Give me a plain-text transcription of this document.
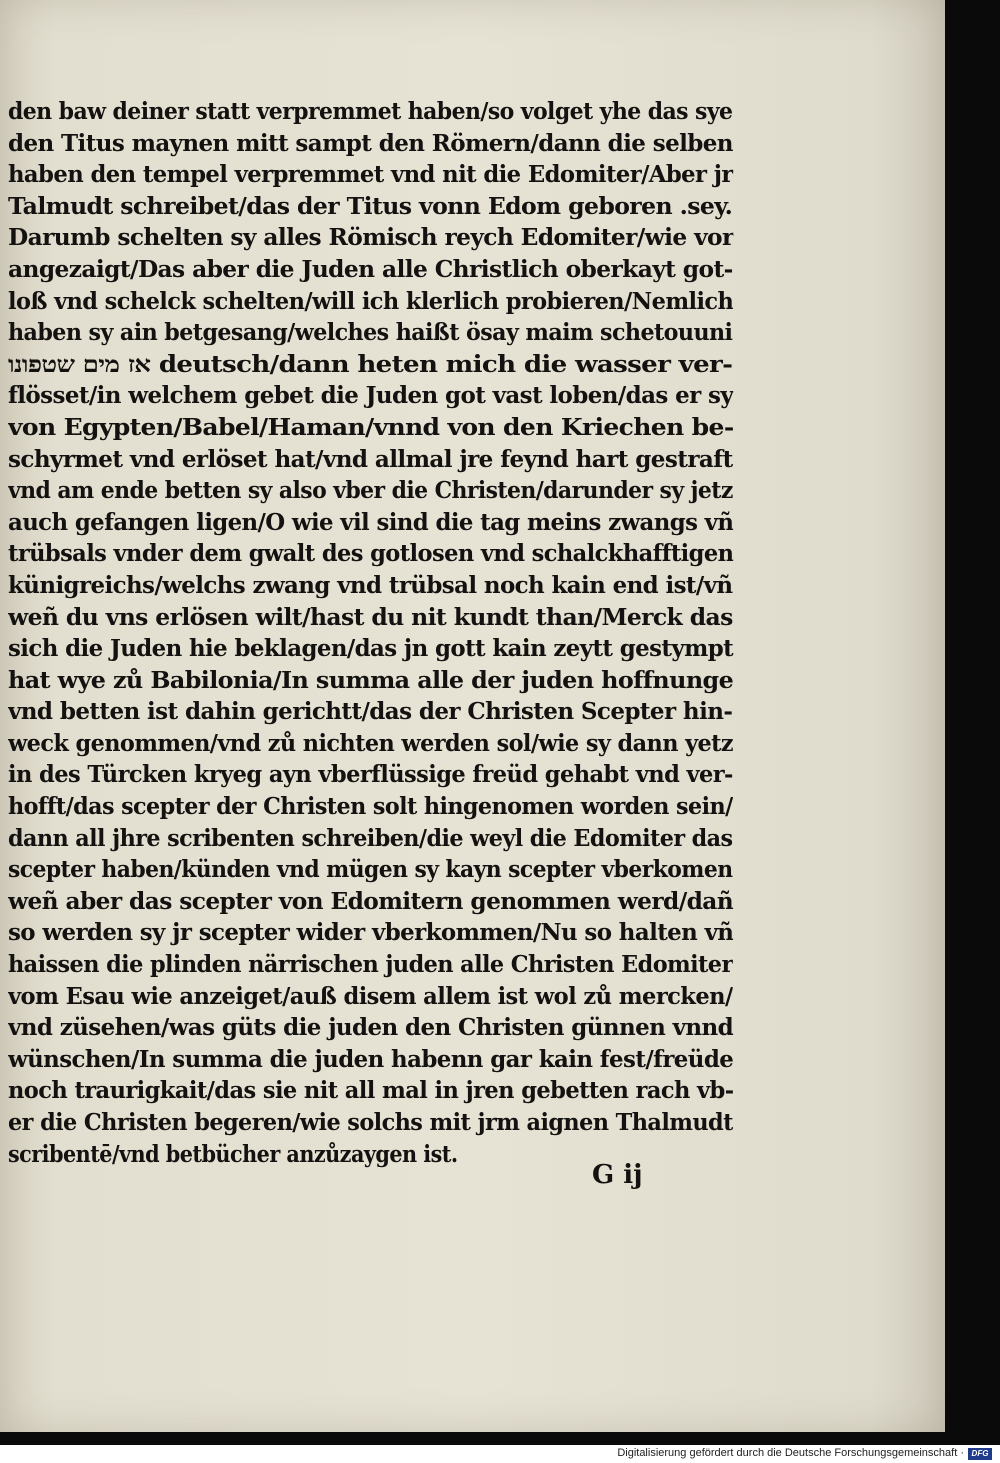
den baw deiner statt verpremmet haben/so volget yhe das sye
den Titus maynen mitt sampt den Römern/dann die selben
haben den tempel verpremmet vnd nit die Edomiter/Aber jr
Talmudt schreibet/das der Titus vonn Edom geboren .sey.
Darumb schelten sy alles Römisch reych Edomiter/wie vor
angezaigt/Das aber die Juden alle Christlich oberkayt got-
loß vnd schelck schelten/will ich klerlich probieren/Nemlich
haben sy ain betgesang/welches haißt ösay maim schetouuni
אז מים שטפונו deutsch/dann heten mich die wasser ver-
flösset/in welchem gebet die Juden got vast loben/das er sy
von Egypten/Babel/Haman/vnnd von den Kriechen be-
schyrmet vnd erlöset hat/vnd allmal jre feynd hart gestraft
vnd am ende betten sy also vber die Christen/darunder sy jetz
auch gefangen ligen/O wie vil sind die tag meins zwangs vñ
trübsals vnder dem gwalt des gotlosen vnd schalckhafftigen
künigreichs/welchs zwang vnd trübsal noch kain end ist/vñ
weñ du vns erlösen wilt/hast du nit kundt than/Merck das
sich die Juden hie beklagen/das jn gott kain zeytt gestympt
hat wye zů Babilonia/In summa alle der juden hoffnunge
vnd betten ist dahin gerichtt/das der Christen Scepter hin-
weck genommen/vnd zů nichten werden sol/wie sy dann yetz
in des Türcken kryeg ayn vberflüssige freüd gehabt vnd ver-
hofft/das scepter der Christen solt hingenomen worden sein/
dann all jhre scribenten schreiben/die weyl die Edomiter das
scepter haben/künden vnd mügen sy kayn scepter vberkomen
weñ aber das scepter von Edomitern genommen werd/dañ
so werden sy jr scepter wider vberkommen/Nu so halten vñ
haissen die plinden närrischen juden alle Christen Edomiter
vom Esau wie anzeiget/auß disem allem ist wol zů mercken/
vnd züsehen/was güts die juden den Christen günnen vnnd
wünschen/In summa die juden habenn gar kain fest/freüde
noch traurigkait/das sie nit all mal in jren gebetten rach vb-
er die Christen begeren/wie solchs mit jrm aignen Thalmudt
scribentē/vnd betbücher anzůzaygen ist.
G ij
Digitalisierung gefördert durch die Deutsche Forschungsgemeinschaft · DFG
